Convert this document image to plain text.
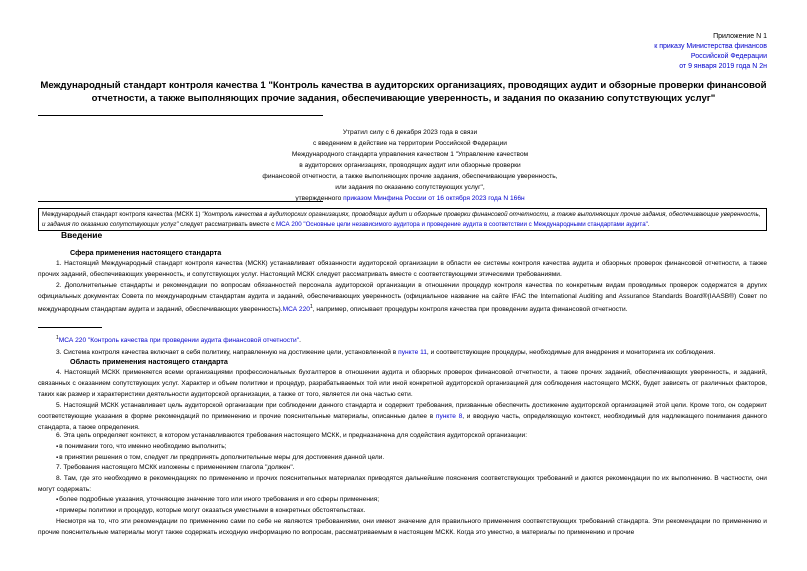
Приложение N 1
к приказу Министерства финансов
Российской Федерации
от 9 января 2019 года N 2н
Международный стандарт контроля качества 1 "Контроль качества в аудиторских организациях, проводящих аудит и обзорные проверки финансовой отчетности, а также выполняющих прочие задания, обеспечивающие уверенность, и задания по оказанию сопутствующих услуг"
Утратил силу с 6 декабря 2023 года в связи
с введением в действие на территории Российской Федерации
Международного стандарта управления качеством 1 "Управление качеством
в аудиторских организациях, проводящих аудит или обзорные проверки
финансовой отчетности, а также выполняющих прочие задания, обеспечивающие уверенность,
или задания по оказанию сопутствующих услуг",
утвержденного приказом Минфина России от 16 октября 2023 года N 166н
Международный стандарт контроля качества (МСКК 1) "Контроль качества в аудиторских организациях, проводящих аудит и обзорные проверки финансовой отчетности, а также выполняющих прочие задания, обеспечивающие уверенность, и задания по оказанию сопутствующих услуг" следует рассматривать вместе с МСА 200 "Основные цели независимого аудитора и проведение аудита в соответствии с Международными стандартами аудита".
Введение
Сфера применения настоящего стандарта
1. Настоящий Международный стандарт контроля качества (МСКК) устанавливает обязанности аудиторской организации в области ее системы контроля качества аудита и обзорных проверок финансовой отчетности, а также прочих заданий, обеспечивающих уверенность, и сопутствующих услуг. Настоящий МСКК следует рассматривать вместе с соответствующими этическими требованиями.
2. Дополнительные стандарты и рекомендации по вопросам обязанностей персонала аудиторской организации в отношении процедур контроля качества по конкретным видам проводимых проверок содержатся в других официальных документах Совета по международным стандартам аудита и заданий, обеспечивающих уверенность (официальное название на сайте IFAC the International Auditing and Assurance Standards Board®(IAASB®) Совет по международным стандартам аудита и заданий, обеспечивающих уверенность).МСА $220^1$, например, описывает процедуры контроля качества при проведении аудита финансовой отчетности.
$^1$МСА 220 "Контроль качества при проведении аудита финансовой отчетности".
3. Система контроля качества включает в себя политику, направленную на достижение цели, установленной в пункте 11, и соответствующие процедуры, необходимые для внедрения и мониторинга их соблюдения.
Область применения настоящего стандарта
4. Настоящий МСКК применяется всеми организациями профессиональных бухгалтеров в отношении аудита и обзорных проверок финансовой отчетности, а также прочих заданий, обеспечивающих уверенность, и заданий, связанных с оказанием сопутствующих услуг. Характер и объем политики и процедур, разрабатываемых той или иной конкретной аудиторской организацией для соблюдения настоящего МСКК, будет зависеть от различных факторов, таких как размер и характеристики деятельности аудиторской организации, а также от того, является ли она частью сети.
5. Настоящий МСКК устанавливает цель аудиторской организации при соблюдении данного стандарта и содержит требования, призванные обеспечить достижение аудиторской организацией этой цели. Кроме того, он содержит соответствующие указания в форме рекомендаций по применению и прочие пояснительные материалы, описанные далее в пункте 8, и вводную часть, определяющую контекст, необходимый для надлежащего понимания данного стандарта, а также определения.
6. Эта цель определяет контекст, в котором устанавливаются требования настоящего МСКК, и предназначена для содействия аудиторской организации:
▪ в понимании того, что именно необходимо выполнить;
▪ в принятии решения о том, следует ли предпринять дополнительные меры для достижения данной цели.
7. Требования настоящего МСКК изложены с применением глагола "должен".
8. Там, где это необходимо в рекомендациях по применению и прочих пояснительных материалах приводятся дальнейшие пояснения соответствующих требований и даются рекомендации по их выполнению. В частности, они могут содержать:
▪ более подробные указания, уточняющие значение того или иного требования и его сферы применения;
▪ примеры политики и процедур, которые могут оказаться уместными в конкретных обстоятельствах.
Несмотря на то, что эти рекомендации по применению сами по себе не являются требованиями, они имеют значение для правильного применения соответствующих требований стандарта. Эти рекомендации по применению и прочие пояснительные материалы могут также содержать исходную информацию по вопросам, рассматриваемым в настоящем МСКК. Когда это уместно, в материалы по применению и прочие
